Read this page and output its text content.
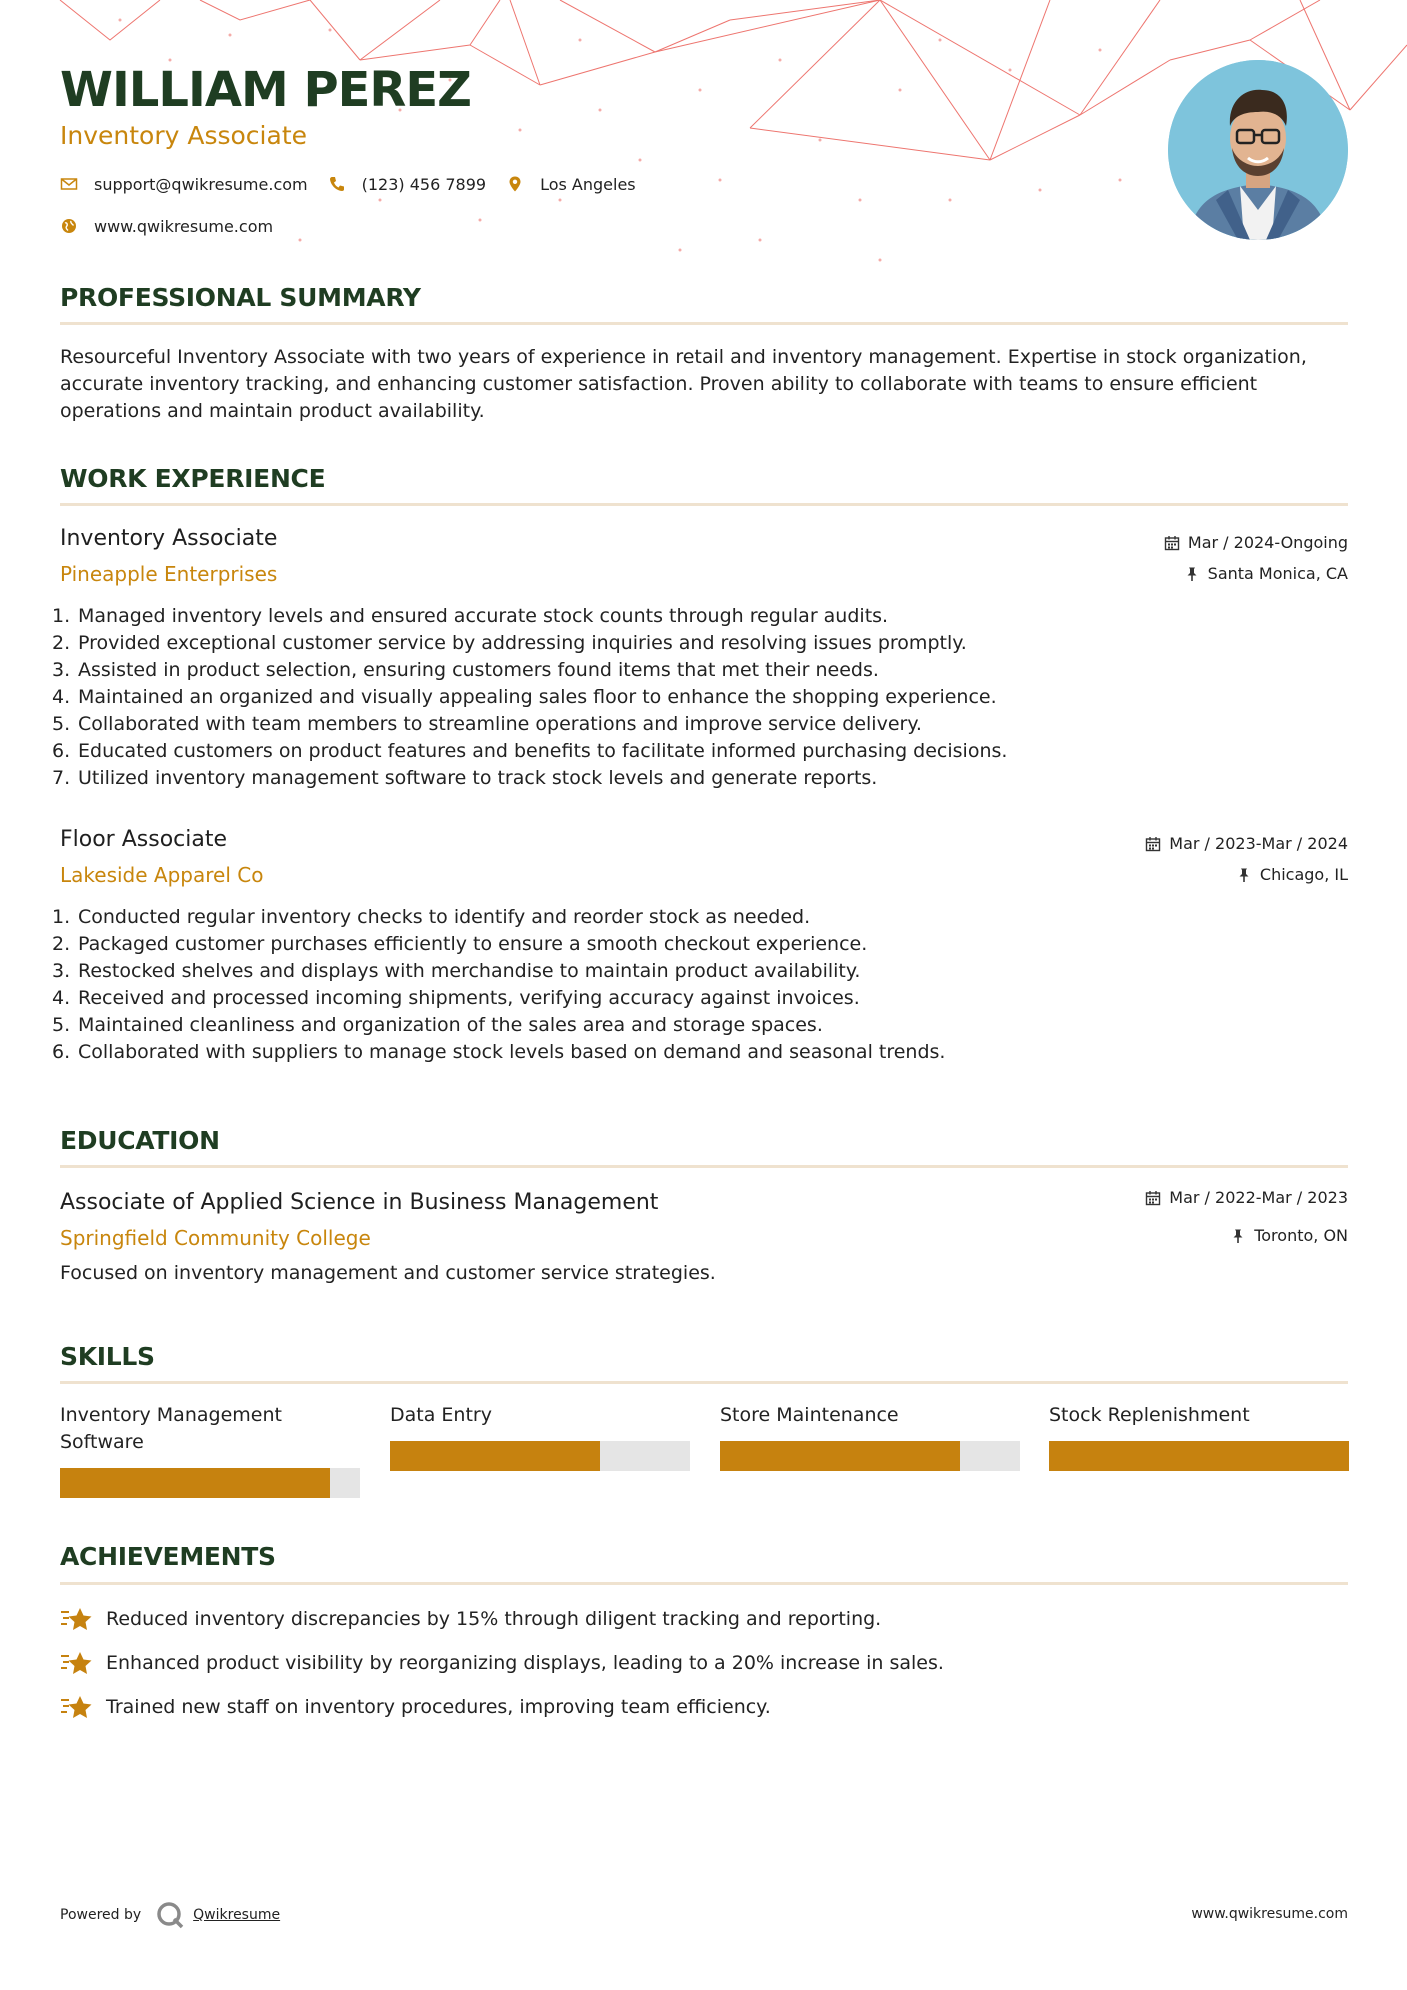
WILLIAM PEREZ
Inventory Associate
support@qwikresume.com	(123) 456 7899	Los Angeles
www.qwikresume.com
PROFESSIONAL SUMMARY

Resourceful Inventory Associate with two years of experience in retail and inventory management. Expertise in stock organization, accurate inventory tracking, and enhancing customer satisfaction. Proven ability to collaborate with teams to ensure efficient operations and maintain product availability.

WORK EXPERIENCE
Inventory Associate
Pineapple Enterprises
Mar / 2024-Ongoing
Santa Monica, CA
1. Managed inventory levels and ensured accurate stock counts through regular audits.
2. Provided exceptional customer service by addressing inquiries and resolving issues promptly.
3. Assisted in product selection, ensuring customers found items that met their needs.
4. Maintained an organized and visually appealing sales floor to enhance the shopping experience.
5. Collaborated with team members to streamline operations and improve service delivery.
6. Educated customers on product features and benefits to facilitate informed purchasing decisions.
7. Utilized inventory management software to track stock levels and generate reports.
Floor Associate
Lakeside Apparel Co
Mar / 2023-Mar / 2024
Chicago, IL
1. Conducted regular inventory checks to identify and reorder stock as needed.
2. Packaged customer purchases efficiently to ensure a smooth checkout experience.
3. Restocked shelves and displays with merchandise to maintain product availability.
4. Received and processed incoming shipments, verifying accuracy against invoices.
5. Maintained cleanliness and organization of the sales area and storage spaces.
6. Collaborated with suppliers to manage stock levels based on demand and seasonal trends.
EDUCATION
Associate of Applied Science in Business Management
Springfield Community College
Mar / 2022-Mar / 2023
Toronto, ON
Focused on inventory management and customer service strategies.
SKILLS
Inventory Management Software
Data Entry	Store Maintenance	Stock Replenishment
ACHIEVEMENTS
Reduced inventory discrepancies by 15% through diligent tracking and reporting.
Enhanced product visibility by reorganizing displays, leading to a 20% increase in sales.
Trained new staff on inventory procedures, improving team efficiency.
Powered by	Qwikresume	www.qwikresume.com
